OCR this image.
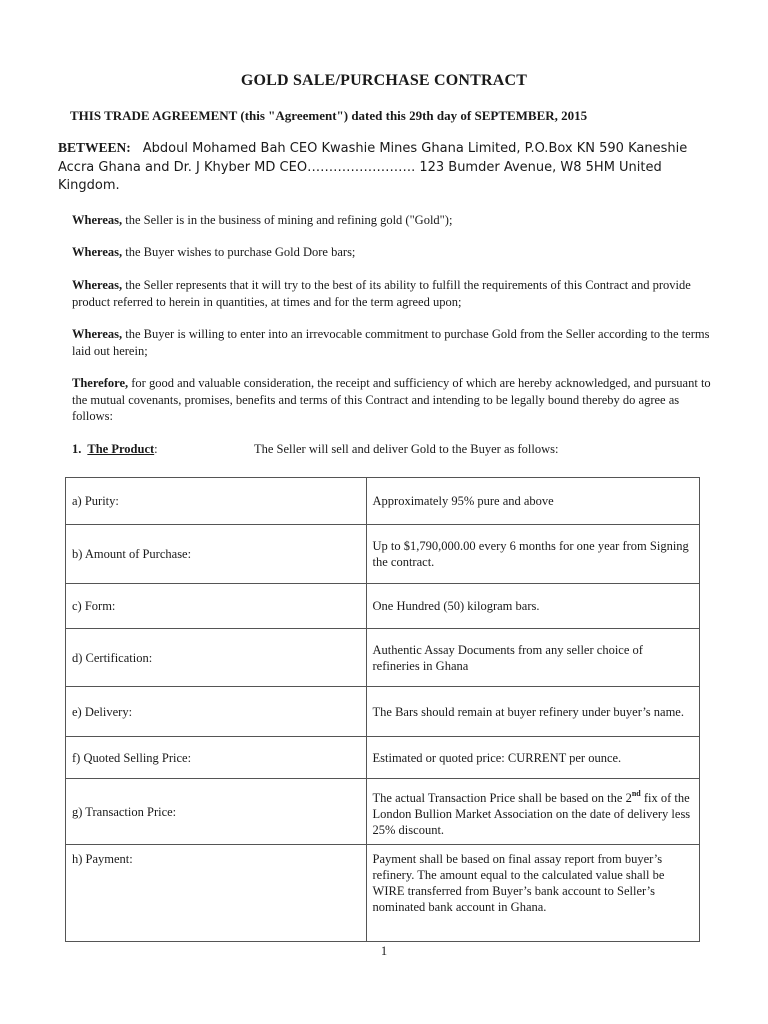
GOLD SALE/PURCHASE CONTRACT
THIS TRADE AGREEMENT (this "Agreement") dated this 29th day of SEPTEMBER, 2015
BETWEEN: Abdoul Mohamed Bah CEO Kwashie Mines Ghana Limited, P.O.Box KN 590 Kaneshie Accra Ghana and Dr. J Khyber MD CEO……………………. 123 Bumder Avenue, W8 5HM United Kingdom.
Whereas, the Seller is in the business of mining and refining gold ("Gold");
Whereas, the Buyer wishes to purchase Gold Dore bars;
Whereas, the Seller represents that it will try to the best of its ability to fulfill the requirements of this Contract and provide product referred to herein in quantities, at times and for the term agreed upon;
Whereas, the Buyer is willing to enter into an irrevocable commitment to purchase Gold from the Seller according to the terms laid out herein;
Therefore, for good and valuable consideration, the receipt and sufficiency of which are hereby acknowledged, and pursuant to the mutual covenants, promises, benefits and terms of this Contract and intending to be legally bound thereby do agree as follows:
1. The Product:	The Seller will sell and deliver Gold to the Buyer as follows:
a) Purity:	Approximately 95% pure and above
b) Amount of Purchase:	Up to $1,790,000.00 every 6 months for one year from Signing the contract.
c) Form:	One Hundred (50) kilogram bars.
d) Certification:	Authentic Assay Documents from any seller choice of refineries in Ghana
e) Delivery:	The Bars should remain at buyer refinery under buyer’s name.
f) Quoted Selling Price:	Estimated or quoted price: CURRENT per ounce.
g) Transaction Price:	The actual Transaction Price shall be based on the 2nd fix of the London Bullion Market Association on the date of delivery less 25% discount.
h) Payment:	Payment shall be based on final assay report from buyer’s refinery. The amount equal to the calculated value shall be WIRE transferred from Buyer’s bank account to Seller’s nominated bank account in Ghana.
1
